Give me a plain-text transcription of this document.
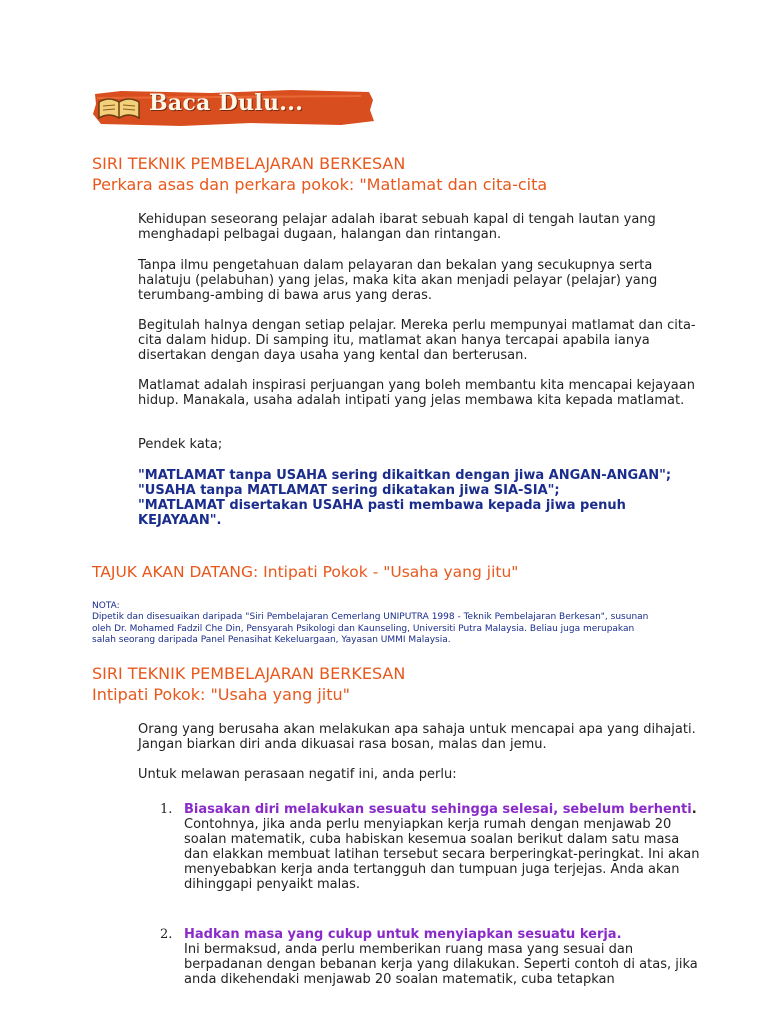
Baca Dulu...
SIRI TEKNIK PEMBELAJARAN BERKESAN
Perkara asas dan perkara pokok: "Matlamat dan cita-cita

Kehidupan seseorang pelajar adalah ibarat sebuah kapal di tengah lautan yang menghadapi pelbagai dugaan, halangan dan rintangan.

Tanpa ilmu pengetahuan dalam pelayaran dan bekalan yang secukupnya serta halatuju (pelabuhan) yang jelas, maka kita akan menjadi pelayar (pelajar) yang terumbang-ambing di bawa arus yang deras.

Begitulah halnya dengan setiap pelajar. Mereka perlu mempunyai matlamat dan cita-cita dalam hidup. Di samping itu, matlamat akan hanya tercapai apabila ianya disertakan dengan daya usaha yang kental dan berterusan.

Matlamat adalah inspirasi perjuangan yang boleh membantu kita mencapai kejayaan hidup. Manakala, usaha adalah intipati yang jelas membawa kita kepada matlamat.

Pendek kata;

"MATLAMAT tanpa USAHA sering dikaitkan dengan jiwa ANGAN-ANGAN";
"USAHA tanpa MATLAMAT sering dikatakan jiwa SIA-SIA";
"MATLAMAT disertakan USAHA pasti membawa kepada jiwa penuh KEJAYAAN".
TAJUK AKAN DATANG: Intipati Pokok - "Usaha yang jitu"
NOTA:
Dipetik dan disesuaikan daripada "Siri Pembelajaran Cemerlang UNIPUTRA 1998 - Teknik Pembelajaran Berkesan", susunan oleh Dr. Mohamed Fadzil Che Din, Pensyarah Psikologi dan Kaunseling, Universiti Putra Malaysia. Beliau juga merupakan salah seorang daripada Panel Penasihat Kekeluargaan, Yayasan UMMI Malaysia.
SIRI TEKNIK PEMBELAJARAN BERKESAN
Intipati Pokok: "Usaha yang jitu"

Orang yang berusaha akan melakukan apa sahaja untuk mencapai apa yang dihajati. Jangan biarkan diri anda dikuasai rasa bosan, malas dan jemu.

Untuk melawan perasaan negatif ini, anda perlu:

1. Biasakan diri melakukan sesuatu sehingga selesai, sebelum berhenti.
Contohnya, jika anda perlu menyiapkan kerja rumah dengan menjawab 20 soalan matematik, cuba habiskan kesemua soalan berikut dalam satu masa dan elakkan membuat latihan tersebut secara berperingkat-peringkat. Ini akan menyebabkan kerja anda tertangguh dan tumpuan juga terjejas. Anda akan dihinggapi penyaikt malas.
2. Hadkan masa yang cukup untuk menyiapkan sesuatu kerja.
Ini bermaksud, anda perlu memberikan ruang masa yang sesuai dan berpadanan dengan bebanan kerja yang dilakukan. Seperti contoh di atas, jika anda dikehendaki menjawab 20 soalan matematik, cuba tetapkan
